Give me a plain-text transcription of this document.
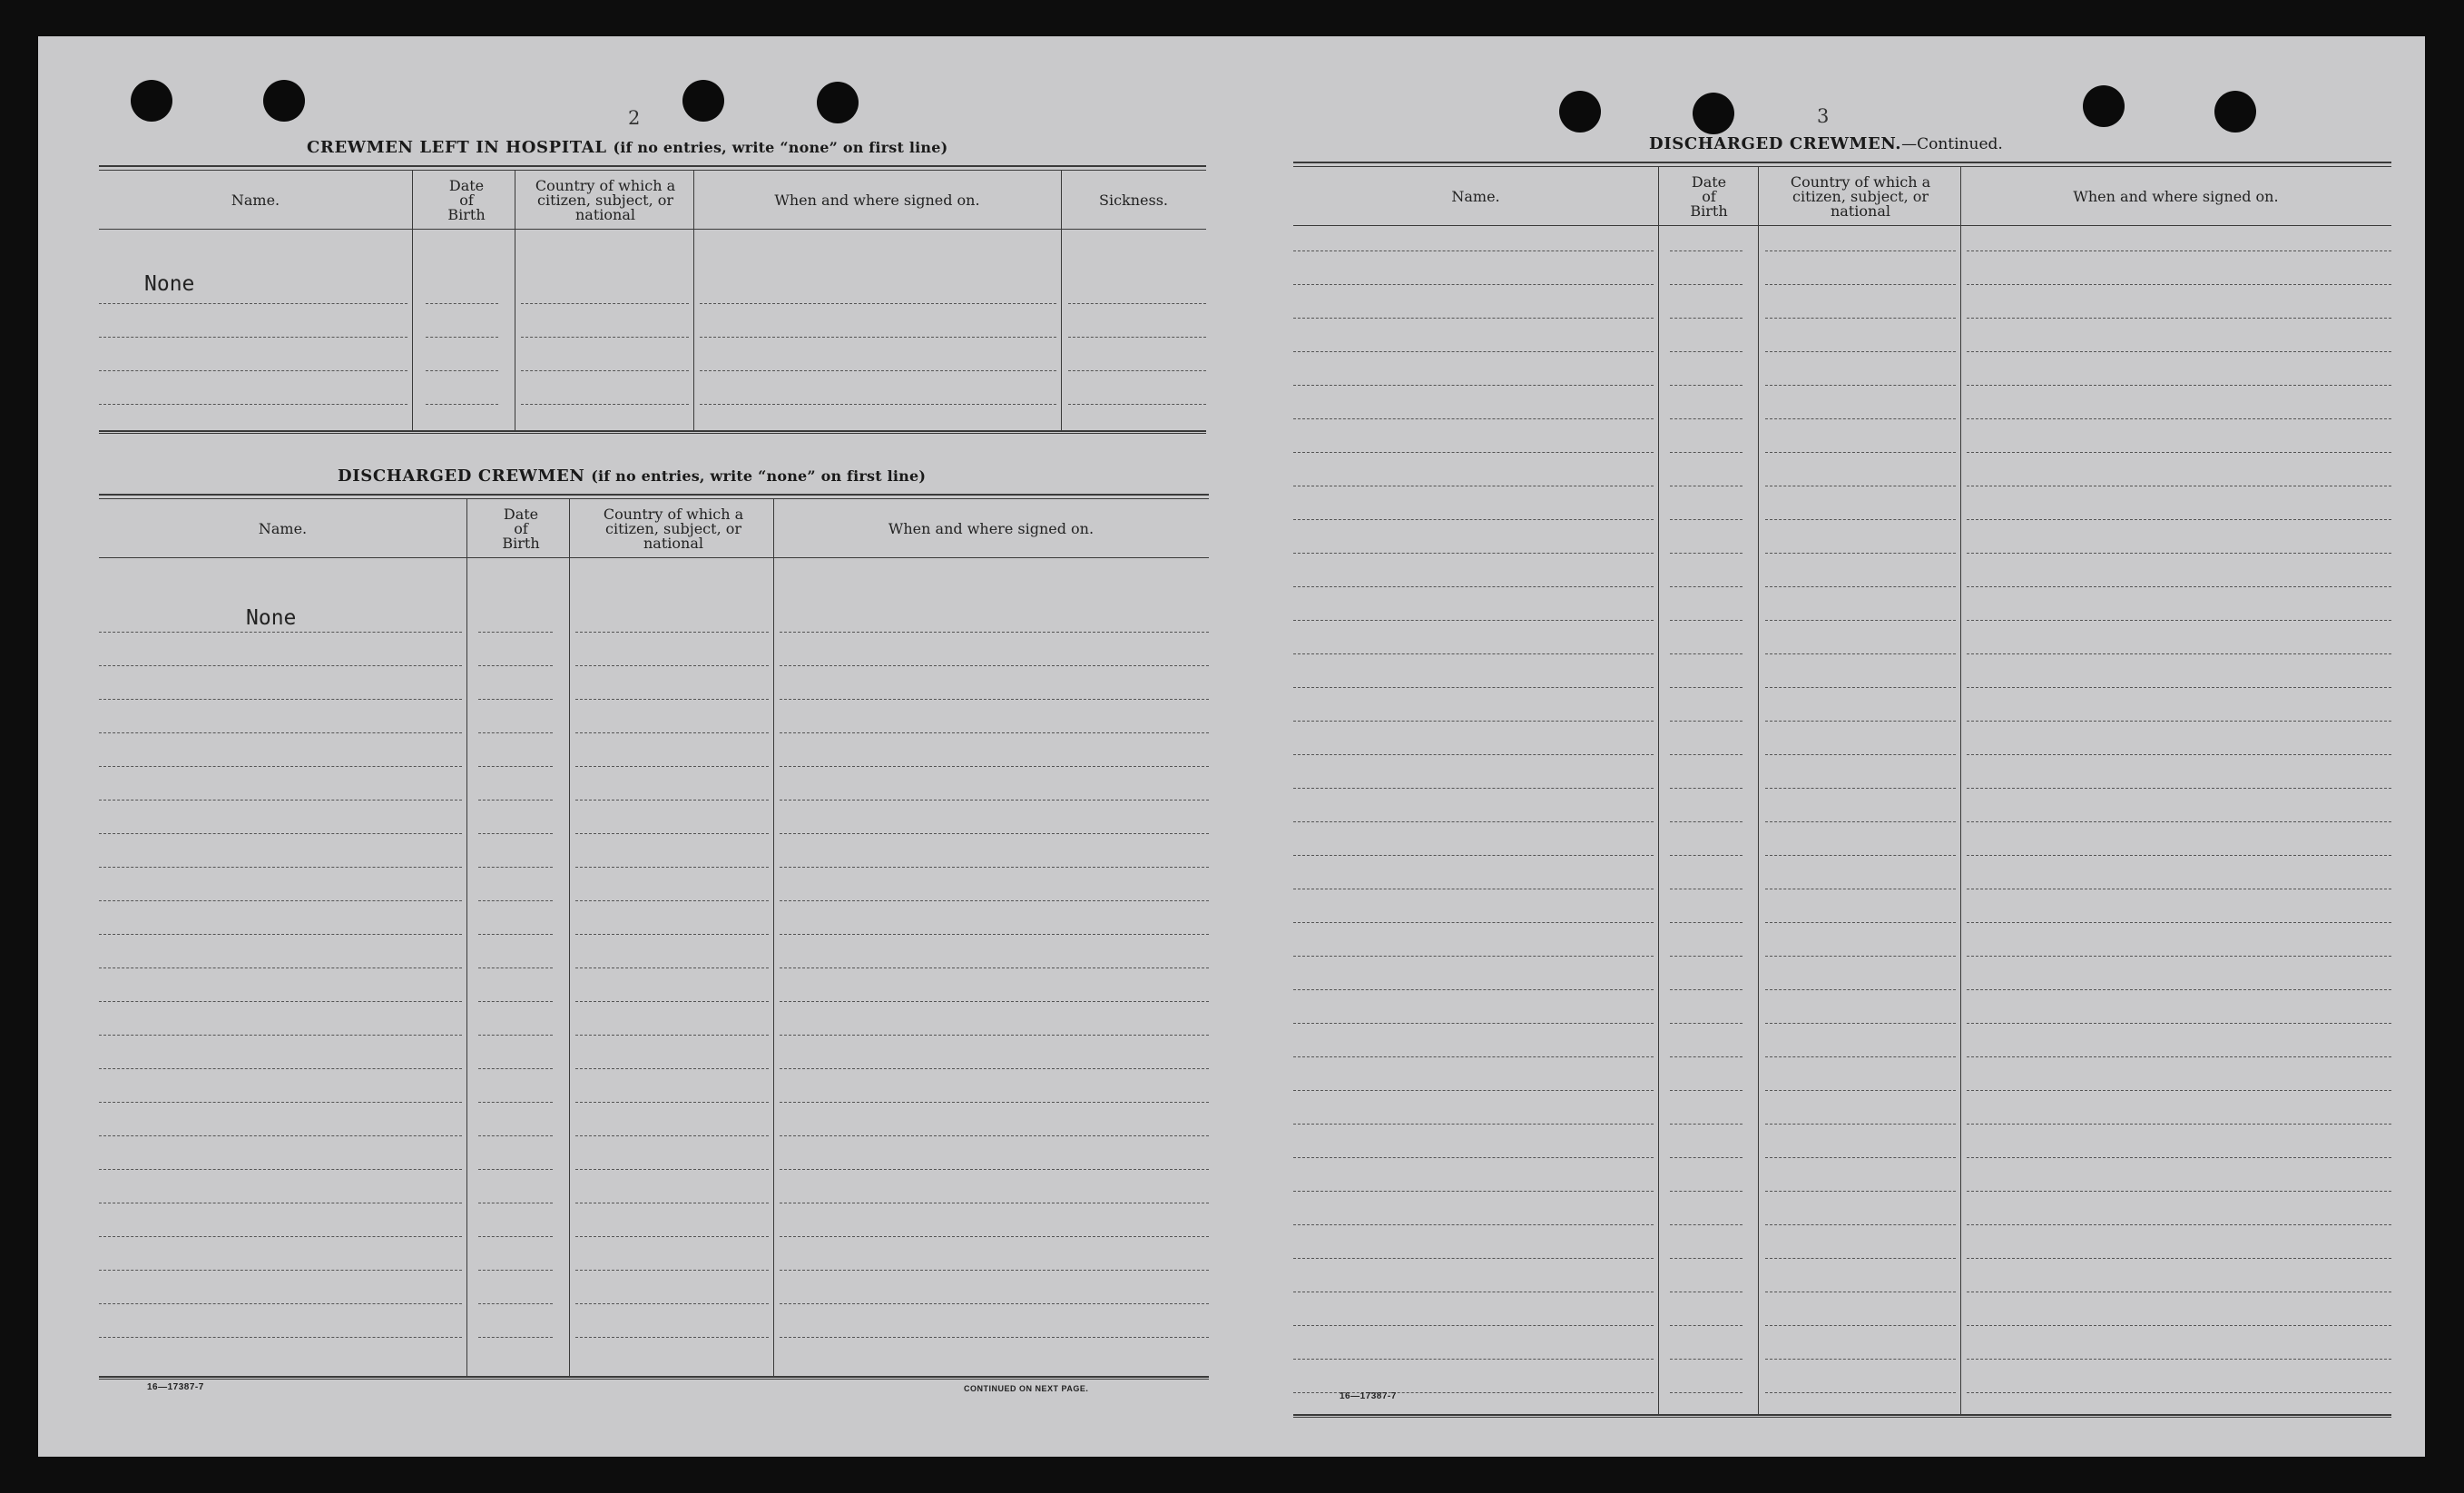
2
CREWMEN LEFT IN HOSPITAL (if no entries, write “none” on first line)
Name.
Date
of
Birth
Country of which a citizen, subject, or national
When and where signed on.	Sickness.
None
DISCHARGED CREWMEN (if no entries, write “none” on first line)
Name.
Date
of
Birth
Country of which a citizen, subject, or national
When and where signed on.
None
16—17387-7	CONTINUED ON NEXT PAGE.
3
DISCHARGED CREWMEN.—Continued.
Name.
Date
of
Birth
Country of which a citizen, subject, or national
When and where signed on.
16—17387-7
